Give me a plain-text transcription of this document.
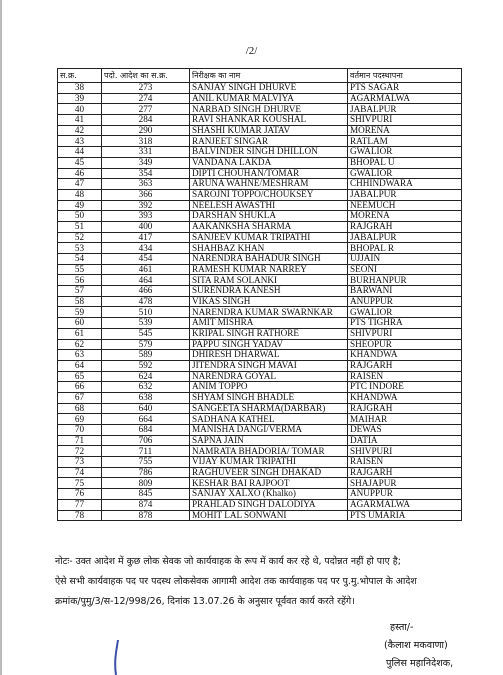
/2/
स.क्र.	पदो. आदेश का स.क्र.	निरीक्षक का नाम	वर्तमान पदस्थापना
38	273	SANJAY SINGH DHURVE	PTS SAGAR
39	274	ANIL KUMAR MALVIYA	AGARMALWA
40	277	NARBAD SINGH DHURVE	JABALPUR
41	284	RAVI SHANKAR KOUSHAL	SHIVPURI
42	290	SHASHI KUMAR JATAV	MORENA
43	318	RANJEET SINGAR	RATLAM
44	331	BALVINDER SINGH DHILLON	GWALIOR
45	349	VANDANA LAKDA	BHOPAL U
46	354	DIPTI CHOUHAN/TOMAR	GWALIOR
47	363	ARUNA WAHNE/MESHRAM	CHHINDWARA
48	366	SAROJNI TOPPO/CHOUKSEY	JABALPUR
49	392	NEELESH AWASTHI	NEEMUCH
50	393	DARSHAN SHUKLA	MORENA
51	400	AAKANKSHA SHARMA	RAJGRAH
52	417	SANJEEV KUMAR TRIPATHI	JABALPUR
53	434	SHAHBAZ KHAN	BHOPAL R
54	454	NARENDRA BAHADUR SINGH	UJJAIN
55	461	RAMESH KUMAR NARREY	SEONI
56	464	SITA RAM SOLANKI	BURHANPUR
57	466	SURENDRA KANESH	BARWANI
58	478	VIKAS SINGH	ANUPPUR
59	510	NARENDRA KUMAR SWARNKAR	GWALIOR
60	539	AMIT MISHRA	PTS TIGHRA
61	545	KRIPAL SINGH RATHORE	SHIVPURI
62	579	PAPPU SINGH YADAV	SHEOPUR
63	589	DHIRESH DHARWAL	KHANDWA
64	592	JITENDRA SINGH MAVAI	RAJGARH
65	624	NARENDRA GOYAL	RAISEN
66	632	ANIM TOPPO	PTC INDORE
67	638	SHYAM SINGH BHADLE	KHANDWA
68	640	SANGEETA SHARMA(DARBAR)	RAJGRAH
69	664	SADHANA KATHEL	MAIHAR
70	684	MANISHA DANGI/VERMA	DEWAS
71	706	SAPNA JAIN	DATIA
72	711	NAMRATA BHADORIA/ TOMAR	SHIVPURI
73	755	VIJAY KUMAR TRIPATHI	RAISEN
74	786	RAGHUVEER SINGH DHAKAD	RAJGARH
75	809	KESHAR BAI RAJPOOT	SHAJAPUR
76	845	SANJAY XALXO (Khalko)	ANUPPUR
77	874	PRAHLAD SINGH DALODIYA	AGARMALWA
78	878	MOHIT LAL SONWANI	PTS UMARIA
नोटः- उक्त आदेश में कुछ लोक सेवक जो कार्यवाहक के रूप में कार्य कर रहे थे, पदोन्नत नहीं हो पाए है;
ऐसे सभी कार्यवाहक पद पर पदस्थ लोकसेवक आगामी आदेश तक कार्यवाहक पद पर पु.मु.भोपाल के आदेश
क्रमांक/पुमु/3/स-12/998/26, दिनांक 13.07.26 के अनुसार पूर्ववत कार्य करते रहेंगे।
हस्ता/-
(कैलाश मकवाणा)
पुलिस महानिदेशक,
